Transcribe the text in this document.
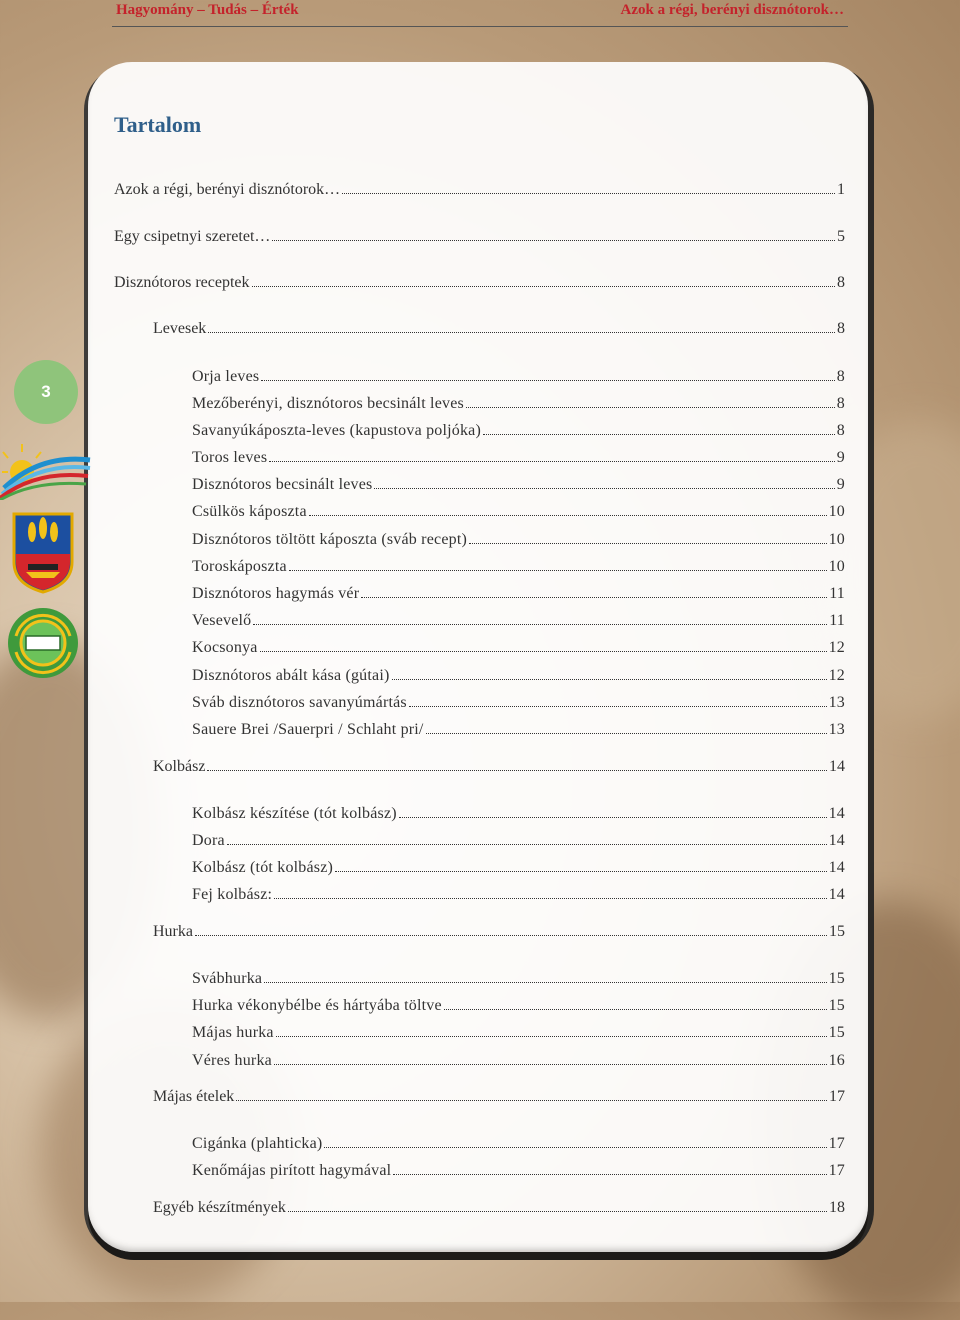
Hagyomány – Tudás – Érték	Azok a régi, berényi disznótorok…
Tartalom
Azok a régi, berényi disznótorok…	1
Egy csipetnyi szeretet…	5
Disznótoros receptek	8
Levesek	8
Orja leves	8
Mezőberényi, disznótoros becsinált leves	8
Savanyúkáposzta-leves (kapustova poljóka)	8
Toros leves	9
Disznótoros becsinált leves	9
Csülkös káposzta	10
Disznótoros töltött káposzta (sváb recept)	10
Toroskáposzta	10
Disznótoros hagymás vér	11
Vesevelő	11
Kocsonya	12
Disznótoros abált kása (gútai)	12
Sváb disznótoros savanyúmártás	13
Sauere Brei /Sauerpri / Schlaht pri/	13
Kolbász	14
Kolbász készítése (tót kolbász)	14
Dora	14
Kolbász (tót kolbász)	14
Fej kolbász:	14
Hurka	15
Svábhurka	15
Hurka vékonybélbe és hártyába töltve	15
Májas hurka	15
Véres hurka	16
Májas ételek	17
Cigánka (plahticka)	17
Kenőmájas pirított hagymával	17
Egyéb készítmények	18
3
